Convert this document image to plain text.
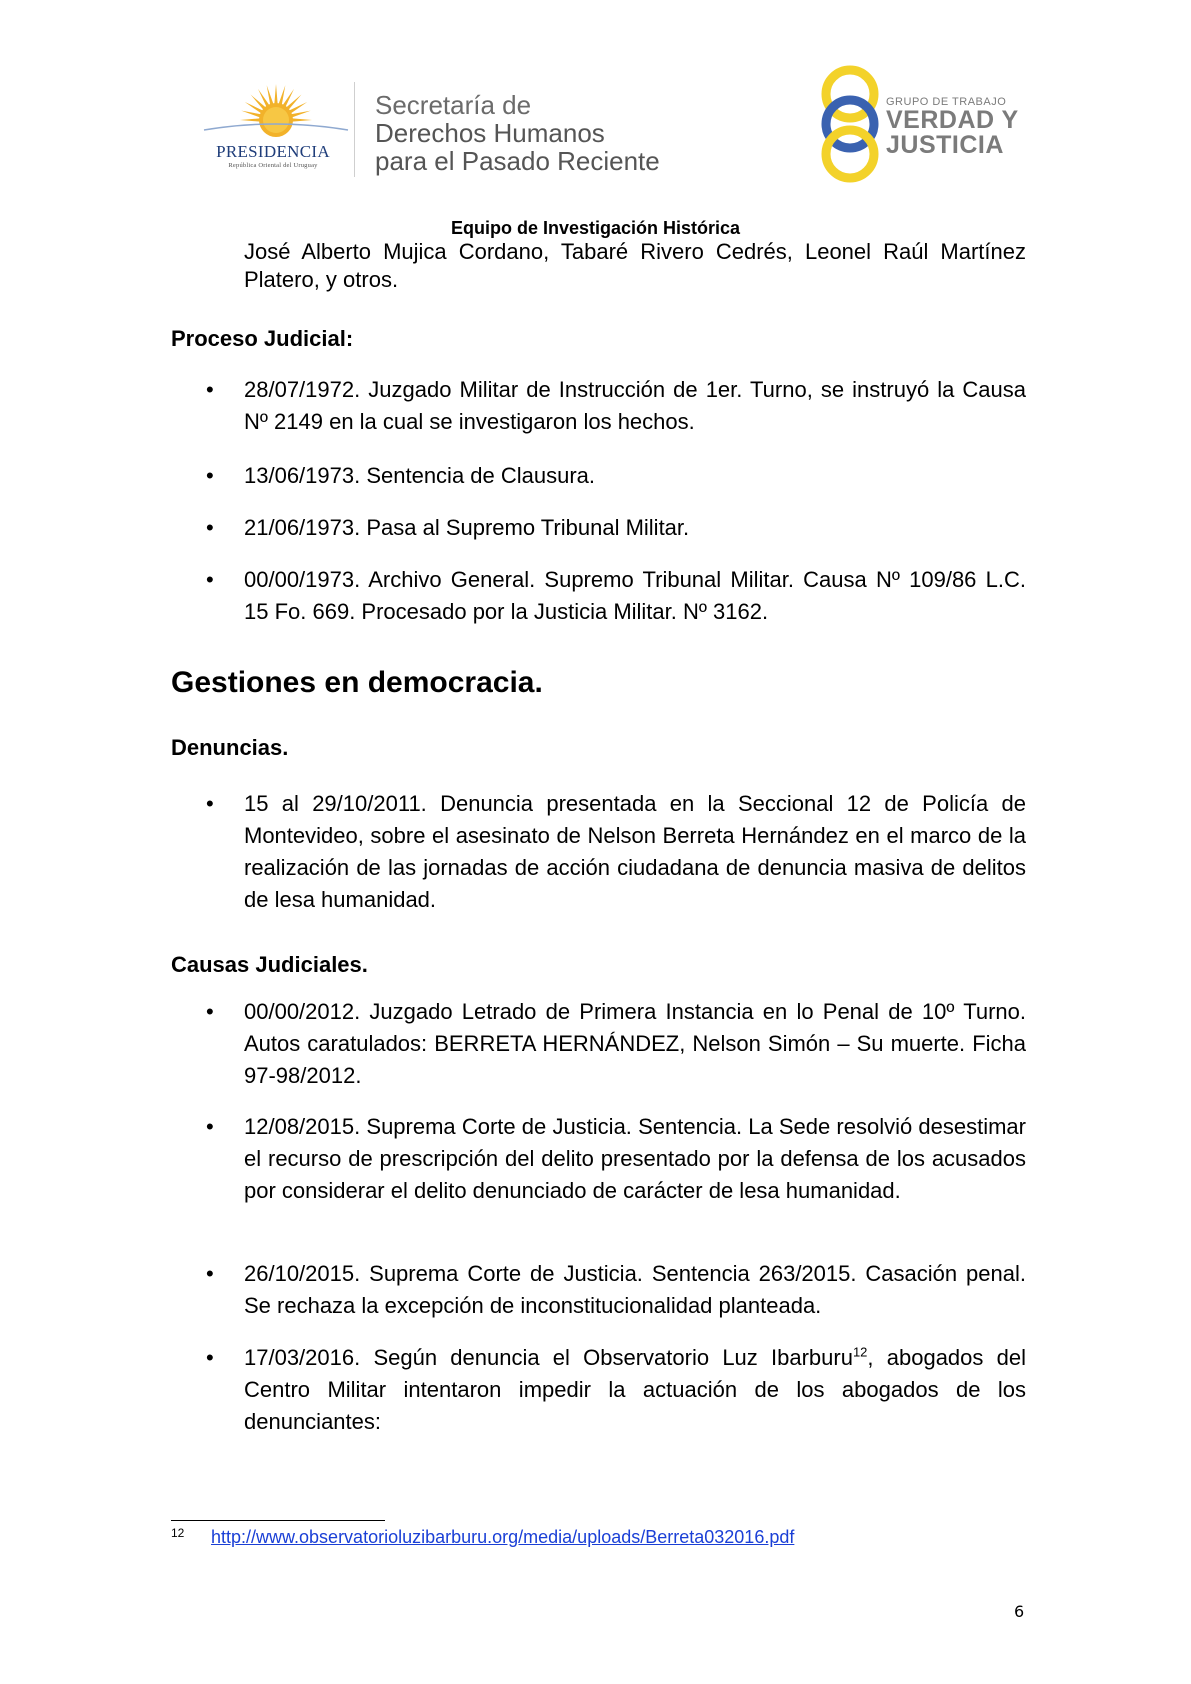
PRESIDENCIA
República Oriental del Uruguay
Secretaría de
Derechos Humanos
para el Pasado Reciente
GRUPO DE TRABAJO
VERDAD Y
JUSTICIA
Equipo de Investigación Histórica
José Alberto Mujica Cordano, Tabaré Rivero Cedrés, Leonel Raúl Martínez Platero, y otros.
Proceso Judicial:
• 28/07/1972. Juzgado Militar de Instrucción de 1er. Turno, se instruyó la Causa Nº 2149 en la cual se investigaron los hechos.
• 13/06/1973. Sentencia de Clausura.
• 21/06/1973. Pasa al Supremo Tribunal Militar.
• 00/00/1973. Archivo General. Supremo Tribunal Militar. Causa Nº 109/86 L.C. 15 Fo. 669. Procesado por la Justicia Militar. Nº 3162.
Gestiones en democracia.
Denuncias.
• 15 al 29/10/2011. Denuncia presentada en la Seccional 12 de Policía de Montevideo, sobre el asesinato de Nelson Berreta Hernández en el marco de la realización de las jornadas de acción ciudadana de denuncia masiva de delitos de lesa humanidad.
Causas Judiciales.
• 00/00/2012. Juzgado Letrado de Primera Instancia en lo Penal de 10º Turno. Autos caratulados: BERRETA HERNÁNDEZ, Nelson Simón – Su muerte. Ficha 97-98/2012.
• 12/08/2015. Suprema Corte de Justicia. Sentencia. La Sede resolvió desestimar el recurso de prescripción del delito presentado por la defensa de los acusados por considerar el delito denunciado de carácter de lesa humanidad.
• 26/10/2015. Suprema Corte de Justicia. Sentencia 263/2015. Casación penal. Se rechaza la excepción de inconstitucionalidad planteada.
• 17/03/2016. Según denuncia el Observatorio Luz Ibarburu$^{12}$, abogados del Centro Militar intentaron impedir la actuación de los abogados de los denunciantes:
12 http://www.observatorioluzibarburu.org/media/uploads/Berreta032016.pdf
6
